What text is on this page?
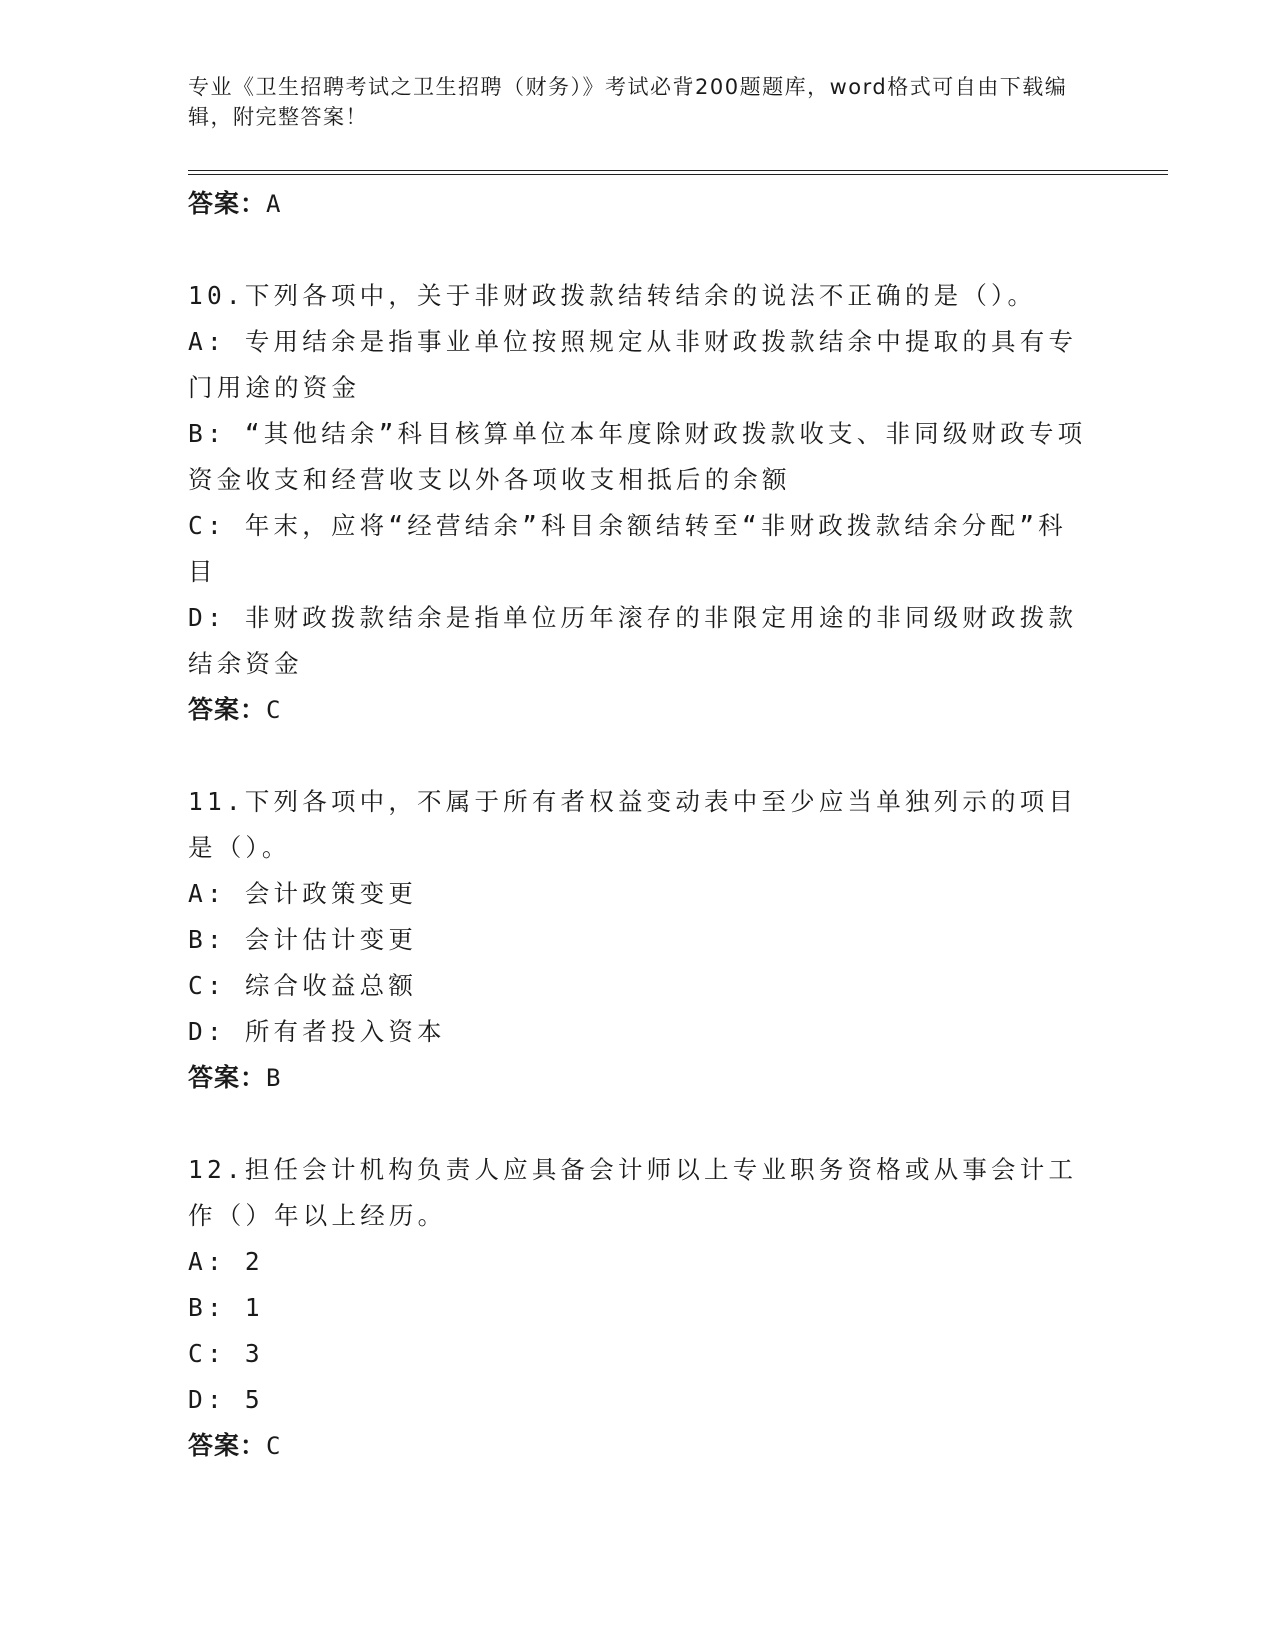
专业《卫生招聘考试之卫生招聘（财务）》考试必背200题题库，word格式可自由下载编辑，附完整答案！
答案：A
10.下列各项中，关于非财政拨款结转结余的说法不正确的是（）。
A: 专用结余是指事业单位按照规定从非财政拨款结余中提取的具有专门用途的资金
B: “其他结余”科目核算单位本年度除财政拨款收支、非同级财政专项资金收支和经营收支以外各项收支相抵后的余额
C: 年末，应将“经营结余”科目余额结转至“非财政拨款结余分配”科目
D: 非财政拨款结余是指单位历年滚存的非限定用途的非同级财政拨款结余资金
答案：C
11.下列各项中，不属于所有者权益变动表中至少应当单独列示的项目是（）。
A: 会计政策变更
B: 会计估计变更
C: 综合收益总额
D: 所有者投入资本
答案：B
12.担任会计机构负责人应具备会计师以上专业职务资格或从事会计工作（）年以上经历。
A: 2
B: 1
C: 3
D: 5
答案：C
